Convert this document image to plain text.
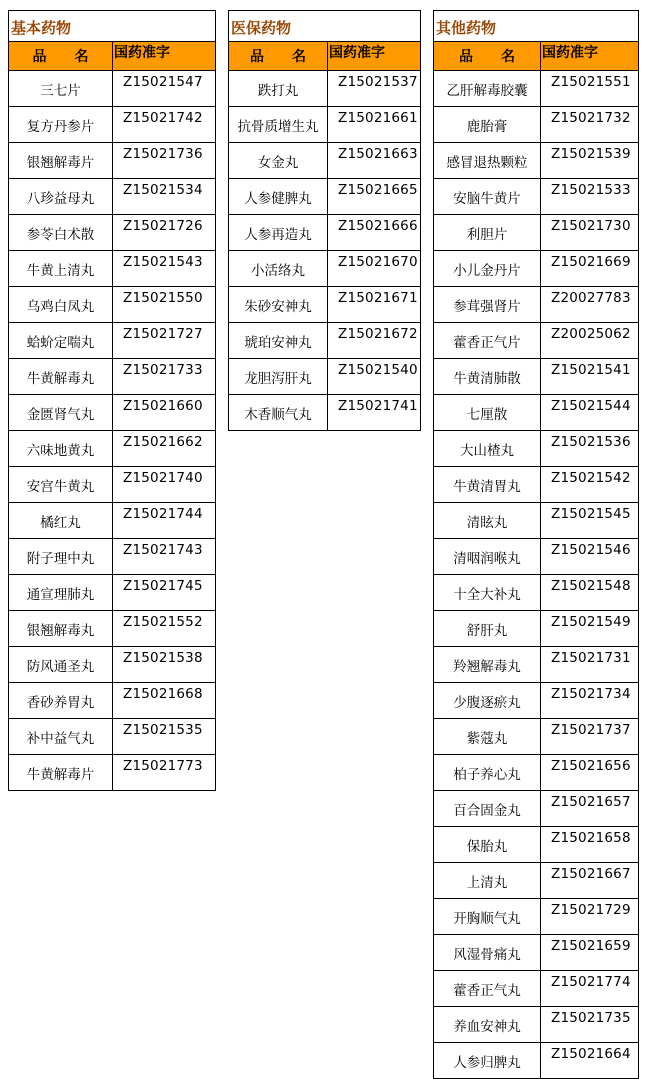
基本药物
品　　名	国药准字
三七片	Z15021547
复方丹参片	Z15021742
银翘解毒片	Z15021736
八珍益母丸	Z15021534
参苓白术散	Z15021726
牛黄上清丸	Z15021543
乌鸡白凤丸	Z15021550
蛤蚧定喘丸	Z15021727
牛黄解毒丸	Z15021733
金匮肾气丸	Z15021660
六味地黄丸	Z15021662
安宫牛黄丸	Z15021740
橘红丸	Z15021744
附子理中丸	Z15021743
通宣理肺丸	Z15021745
银翘解毒丸	Z15021552
防风通圣丸	Z15021538
香砂养胃丸	Z15021668
补中益气丸	Z15021535
牛黄解毒片	Z15021773
医保药物
品　　名	国药准字
跌打丸	Z15021537
抗骨质增生丸	Z15021661
女金丸	Z15021663
人参健脾丸	Z15021665
人参再造丸	Z15021666
小活络丸	Z15021670
朱砂安神丸	Z15021671
琥珀安神丸	Z15021672
龙胆泻肝丸	Z15021540
木香顺气丸	Z15021741
其他药物
品　　名	国药准字
乙肝解毒胶囊	Z15021551
鹿胎膏	Z15021732
感冒退热颗粒	Z15021539
安脑牛黄片	Z15021533
利胆片	Z15021730
小儿金丹片	Z15021669
参茸强肾片	Z20027783
藿香正气片	Z20025062
牛黄清肺散	Z15021541
七厘散	Z15021544
大山楂丸	Z15021536
牛黄清胃丸	Z15021542
清眩丸	Z15021545
清咽润喉丸	Z15021546
十全大补丸	Z15021548
舒肝丸	Z15021549
羚翘解毒丸	Z15021731
少腹逐瘀丸	Z15021734
紫蔻丸	Z15021737
柏子养心丸	Z15021656
百合固金丸	Z15021657
保胎丸	Z15021658
上清丸	Z15021667
开胸顺气丸	Z15021729
风湿骨痛丸	Z15021659
藿香正气丸	Z15021774
养血安神丸	Z15021735
人参归脾丸	Z15021664
